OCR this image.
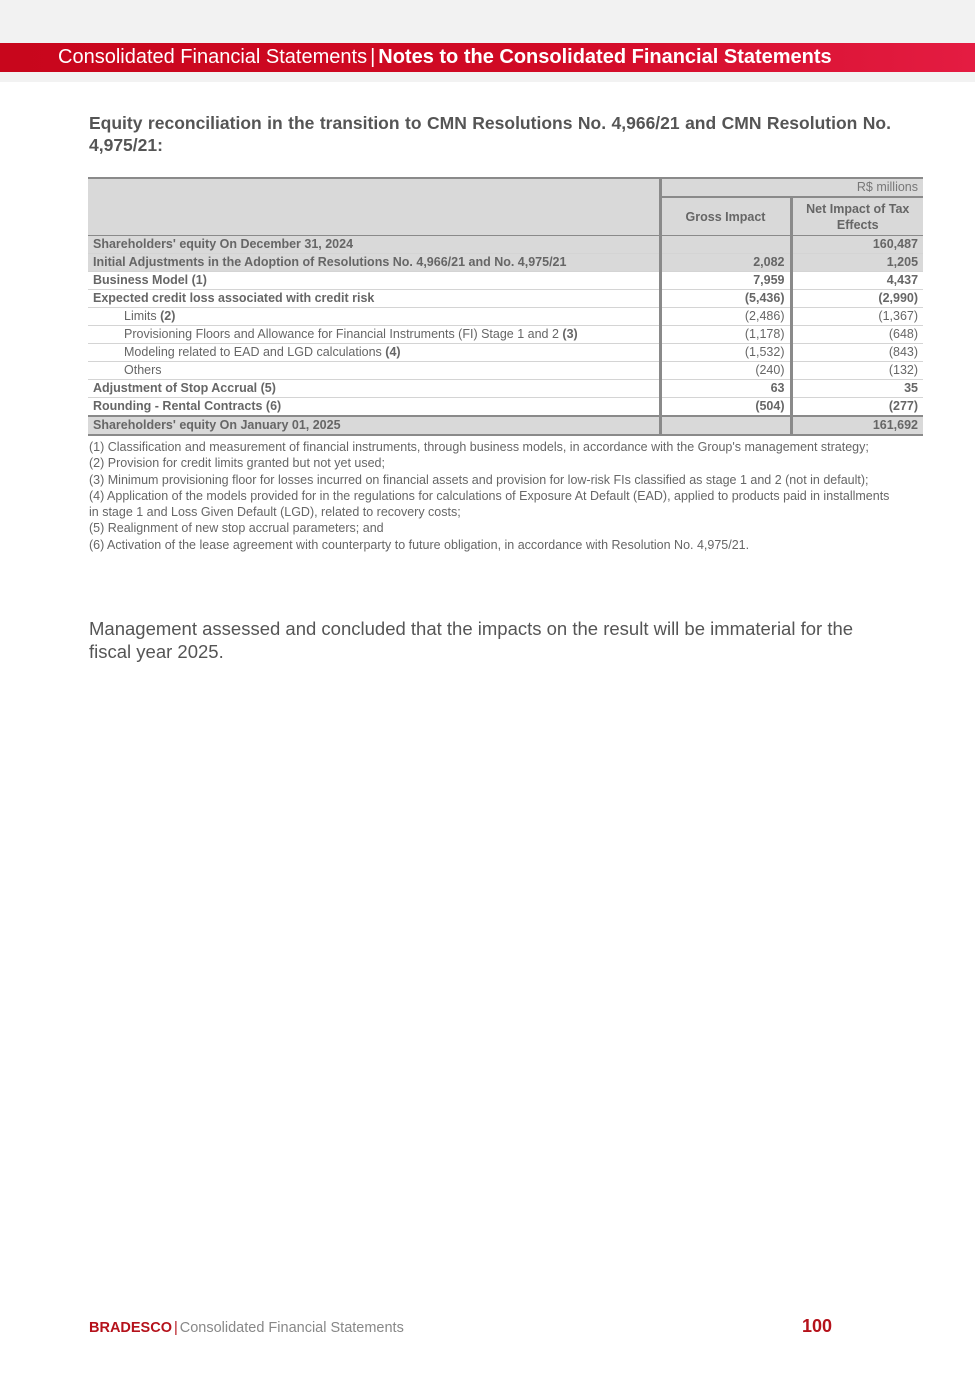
Consolidated Financial Statements | Notes to the Consolidated Financial Statements
Equity reconciliation in the transition to CMN Resolutions No. 4,966/21 and CMN Resolution No. 4,975/21:
	R$ millions	
	Gross Impact	Net Impact of Tax Effects
Shareholders' equity On December 31, 2024		160,487
Initial Adjustments in the Adoption of Resolutions No. 4,966/21 and No. 4,975/21	2,082	1,205
Business Model (1)	7,959	4,437
Expected credit loss associated with credit risk	(5,436)	(2,990)
Limits (2)	(2,486)	(1,367)
Provisioning Floors and Allowance for Financial Instruments (FI) Stage 1 and 2 (3)	(1,178)	(648)
Modeling related to EAD and LGD calculations (4)	(1,532)	(843)
Others	(240)	(132)
Adjustment of Stop Accrual (5)	63	35
Rounding - Rental Contracts (6)	(504)	(277)
Shareholders' equity On January 01, 2025		161,692

(1) Classification and measurement of financial instruments, through business models, in accordance with the Group's management strategy;

(2) Provision for credit limits granted but not yet used;

(3) Minimum provisioning floor for losses incurred on financial assets and provision for low-risk FIs classified as stage 1 and 2 (not in default);

(4) Application of the models provided for in the regulations for calculations of Exposure At Default (EAD), applied to products paid in installments in stage 1 and Loss Given Default (LGD), related to recovery costs;

(5) Realignment of new stop accrual parameters; and

(6) Activation of the lease agreement with counterparty to future obligation, in accordance with Resolution No. 4,975/21.

Management assessed and concluded that the impacts on the result will be immaterial for the fiscal year 2025.
BRADESCO | Consolidated Financial Statements	100
